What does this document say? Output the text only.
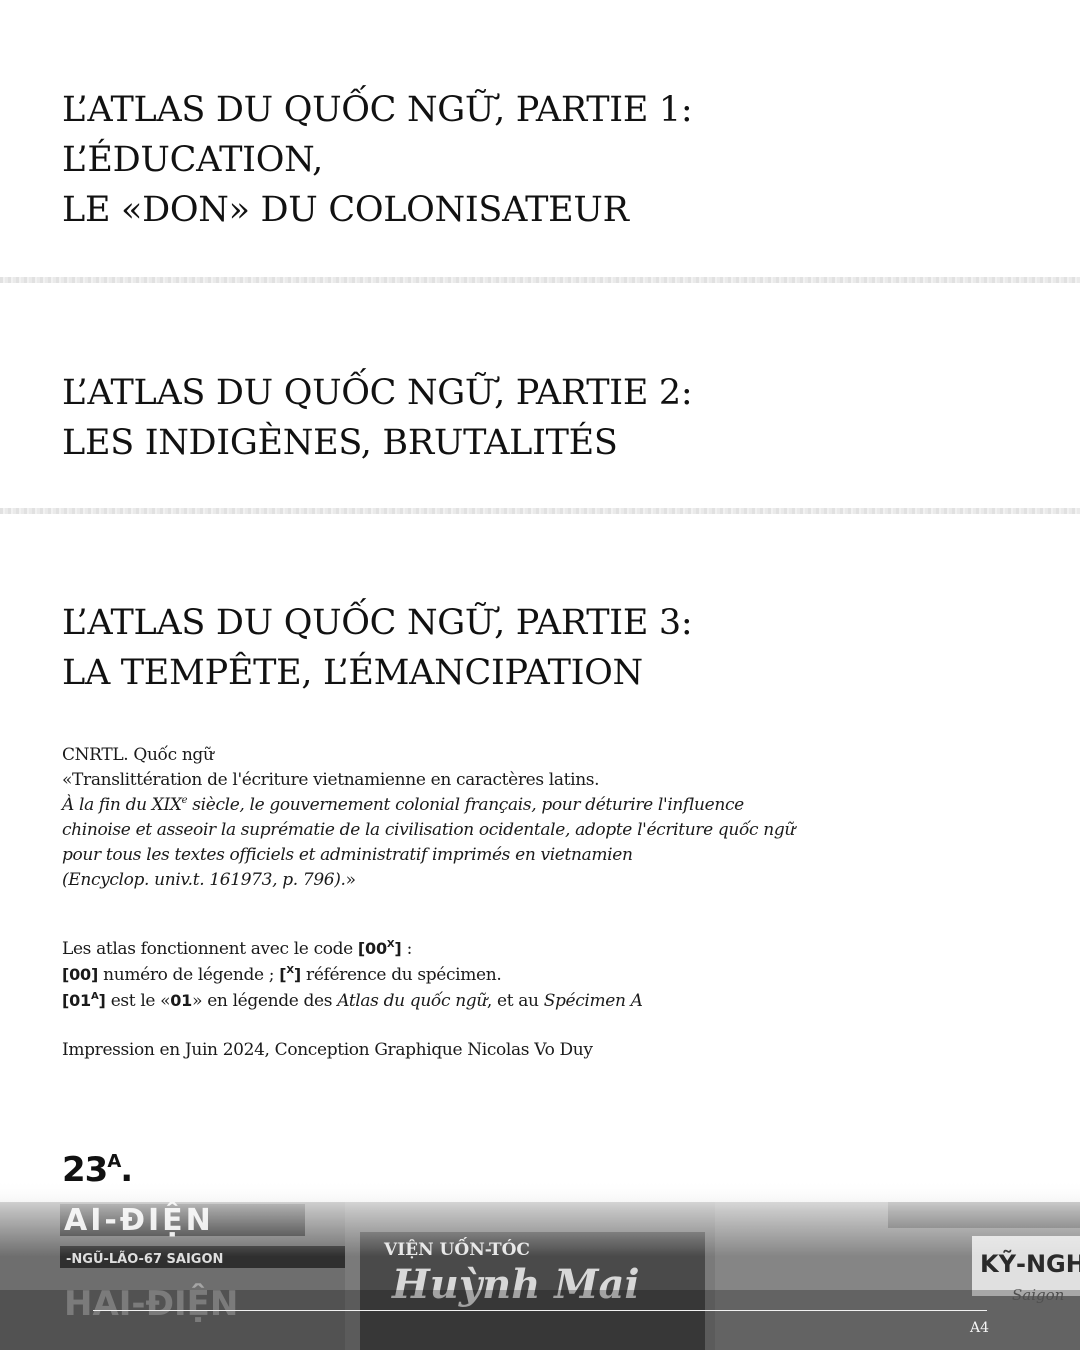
L’ATLAS DU QUỐC NGỮ, PARTIE 1:
L’ÉDUCATION,
LE «DON» DU COLONISATEUR
L’ATLAS DU QUỐC NGỮ, PARTIE 2:
LES INDIGÈNES, BRUTALITÉS
L’ATLAS DU QUỐC NGỮ, PARTIE 3:
LA TEMPÊTE, L’ÉMANCIPATION
CNRTL. Quốc ngữ
«Translittération de l'écriture vietnamienne en caractères latins.
À la fin du XIXe siècle, le gouvernement colonial français, pour déturire l'influence
chinoise et asseoir la suprématie de la civilisation ocidentale, adopte l'écriture quốc ngữ
pour tous les textes officiels et administratif imprimés en vietnamien
(Encyclop. univ.t. 161973, p. 796).»
Les atlas fonctionnent avec le code $[00^X]$ :
[00] numéro de légende ; [$^X$] référence du spécimen.
$[01^A]$ est le «01» en légende des Atlas du quốc ngữ, et au Spécimen A
Impression en Juin 2024, Conception Graphique Nicolas Vo Duy
$23^A$.
A4
